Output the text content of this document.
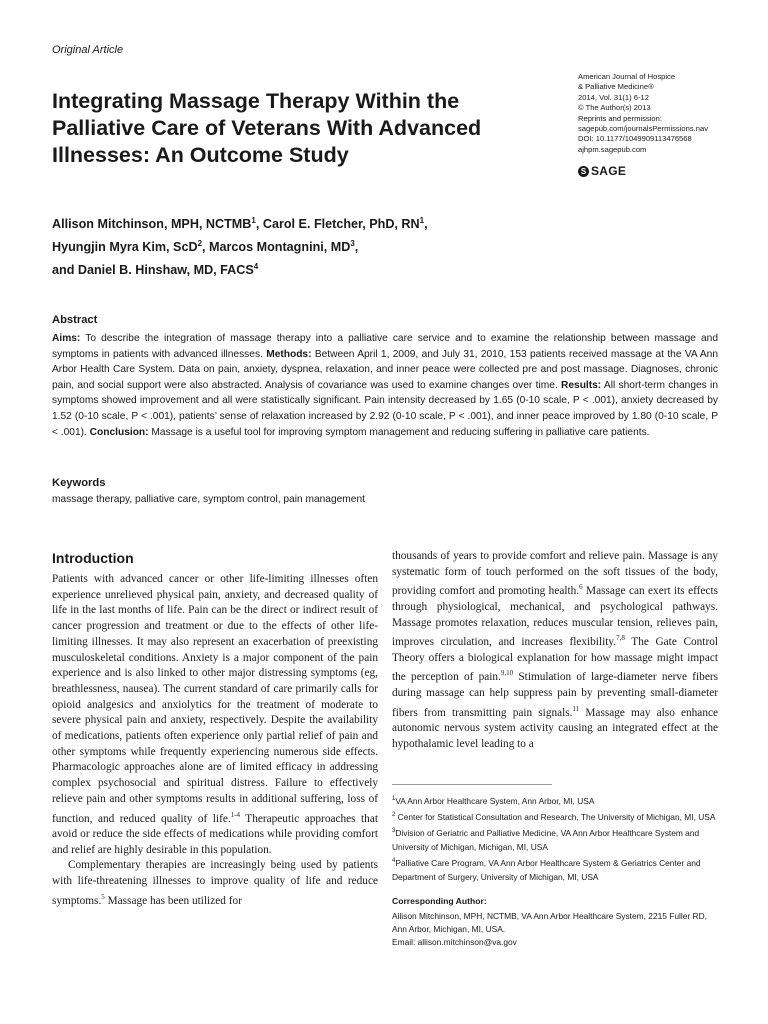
Original Article
Integrating Massage Therapy Within the Palliative Care of Veterans With Advanced Illnesses: An Outcome Study
American Journal of Hospice
& Palliative Medicine®
2014, Vol. 31(1) 6-12
© The Author(s) 2013
Reprints and permission:
sagepub.com/journalsPermissions.nav
DOI: 10.1177/1049909113476568
ajhpm.sagepub.com
S SAGE
Allison Mitchinson, MPH, NCTMB$^1$, Carol E. Fletcher, PhD, $RN^1$,
Hyungjin Myra Kim, ScD$^2$, Marcos Montagnini, $MD^3$,
and Daniel B. Hinshaw, MD, FACS$^4$
Abstract
Aims: To describe the integration of massage therapy into a palliative care service and to examine the relationship between massage and symptoms in patients with advanced illnesses. Methods: Between April 1, 2009, and July 31, 2010, 153 patients received massage at the VA Ann Arbor Health Care System. Data on pain, anxiety, dyspnea, relaxation, and inner peace were collected pre and post massage. Diagnoses, chronic pain, and social support were also abstracted. Analysis of covariance was used to examine changes over time. Results: All short-term changes in symptoms showed improvement and all were statistically significant. Pain intensity decreased by 1.65 (0-10 scale, P < .001), anxiety decreased by 1.52 (0-10 scale, P < .001), patients’ sense of relaxation increased by 2.92 (0-10 scale, P < .001), and inner peace improved by 1.80 (0-10 scale, P < .001). Conclusion: Massage is a useful tool for improving symptom management and reducing suffering in palliative care patients.
Keywords
massage therapy, palliative care, symptom control, pain management
Introduction

Patients with advanced cancer or other life-limiting illnesses often experience unrelieved physical pain, anxiety, and decreased quality of life in the last months of life. Pain can be the direct or indirect result of cancer progression and treatment or due to the effects of other life-limiting illnesses. It may also represent an exacerbation of preexisting musculoskeletal conditions. Anxiety is a major component of the pain experience and is also linked to other major distressing symptoms (eg, breathlessness, nausea). The current standard of care primarily calls for opioid analgesics and anxiolytics for the treatment of moderate to severe physical pain and anxiety, respectively. Despite the availability of medications, patients often experience only partial relief of pain and other symptoms while frequently experiencing numerous side effects. Pharmacologic approaches alone are of limited efficacy in addressing complex psychosocial and spiritual distress. Failure to effectively relieve pain and other symptoms results in additional suffering, loss of function, and reduced quality of life.$^{1-4}$ Therapeutic approaches that avoid or reduce the side effects of medications while providing comfort and relief are highly desirable in this population.

Complementary therapies are increasingly being used by patients with life-threatening illnesses to improve quality of life and reduce symptoms.$^5$ Massage has been utilized for

thousands of years to provide comfort and relieve pain. Massage is any systematic form of touch performed on the soft tissues of the body, providing comfort and promoting health.$^6$ Massage can exert its effects through physiological, mechanical, and psychological pathways. Massage promotes relaxation, reduces muscular tension, relieves pain, improves circulation, and increases flexibility.$^{7,8}$ The Gate Control Theory offers a biological explanation for how massage might impact the perception of pain.$^{9,10}$ Stimulation of large-diameter nerve fibers during massage can help suppress pain by preventing small-diameter fibers from transmitting pain signals.$^{11}$ Massage may also enhance autonomic nervous system activity causing an integrated effect at the hypothalamic level leading to a

$^1$VA Ann Arbor Healthcare System, Ann Arbor, MI, USA

$^2$ Center for Statistical Consultation and Research, The University of Michigan, MI, USA

$^3$Division of Geriatric and Palliative Medicine, VA Ann Arbor Healthcare System and University of Michigan, Michigan, MI, USA

$^4$Palliative Care Program, VA Ann Arbor Healthcare System & Geriatrics Center and Department of Surgery, University of Michigan, MI, USA

Corresponding Author:
Allison Mitchinson, MPH, NCTMB, VA Ann Arbor Healthcare System, 2215 Fuller RD, Ann Arbor, Michigan, MI, USA.
Email: allison.mitchinson@va.gov
